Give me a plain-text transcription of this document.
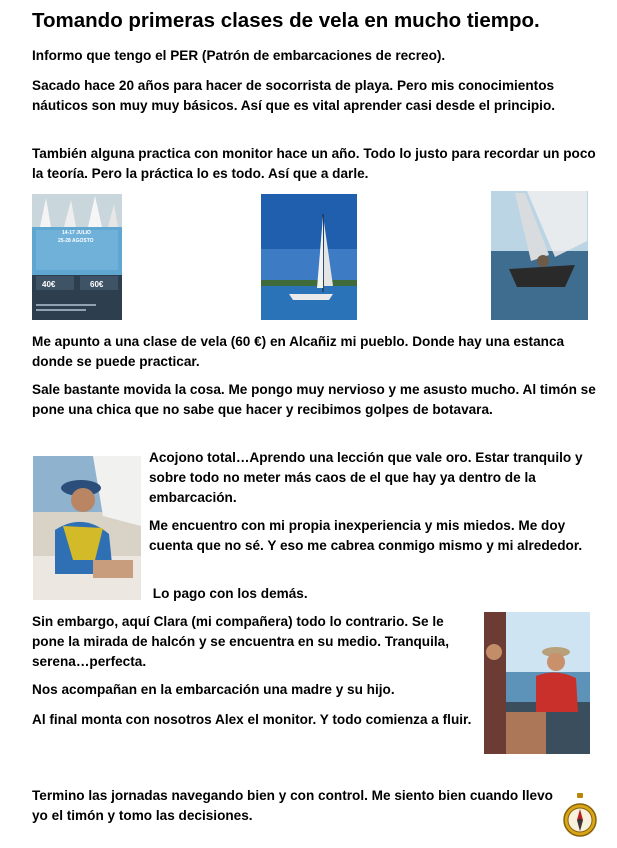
Tomando primeras clases de vela en mucho tiempo.
Informo que tengo el PER (Patrón de embarcaciones de recreo).
Sacado hace 20 años para hacer de socorrista de playa. Pero mis conocimientos náuticos son muy muy básicos. Así que es vital aprender casi desde el principio.
También alguna practica con monitor hace un año. Todo lo justo para recordar un poco la teoría. Pero la práctica lo es todo. Así que a darle.
14-17 JULIO
25-28 AGOSTO
40€	60€
Me apunto a una clase de vela (60 €) en Alcañiz mi pueblo. Donde hay una estanca donde se puede practicar.
Sale bastante movida la cosa. Me pongo muy nervioso y me asusto mucho. Al timón se pone una chica que no sabe que hacer y recibimos golpes de botavara.
Acojono total…Aprendo una lección que vale oro. Estar tranquilo y sobre todo no meter más caos de el que hay ya dentro de la embarcación.
Me encuentro con mi propia inexperiencia y mis miedos. Me doy cuenta que no sé. Y eso me cabrea conmigo mismo y mi alrededor.
Lo pago con los demás.
Sin embargo, aquí Clara (mi compañera) todo lo contrario. Se le pone la mirada de halcón y se encuentra en su medio. Tranquila, serena…perfecta.
Nos acompañan en la embarcación una madre y su hijo.
Al final monta con nosotros Alex el monitor. Y todo comienza a fluir.
Termino las jornadas navegando bien y con control. Me siento bien cuando llevo yo el timón y tomo las decisiones.
